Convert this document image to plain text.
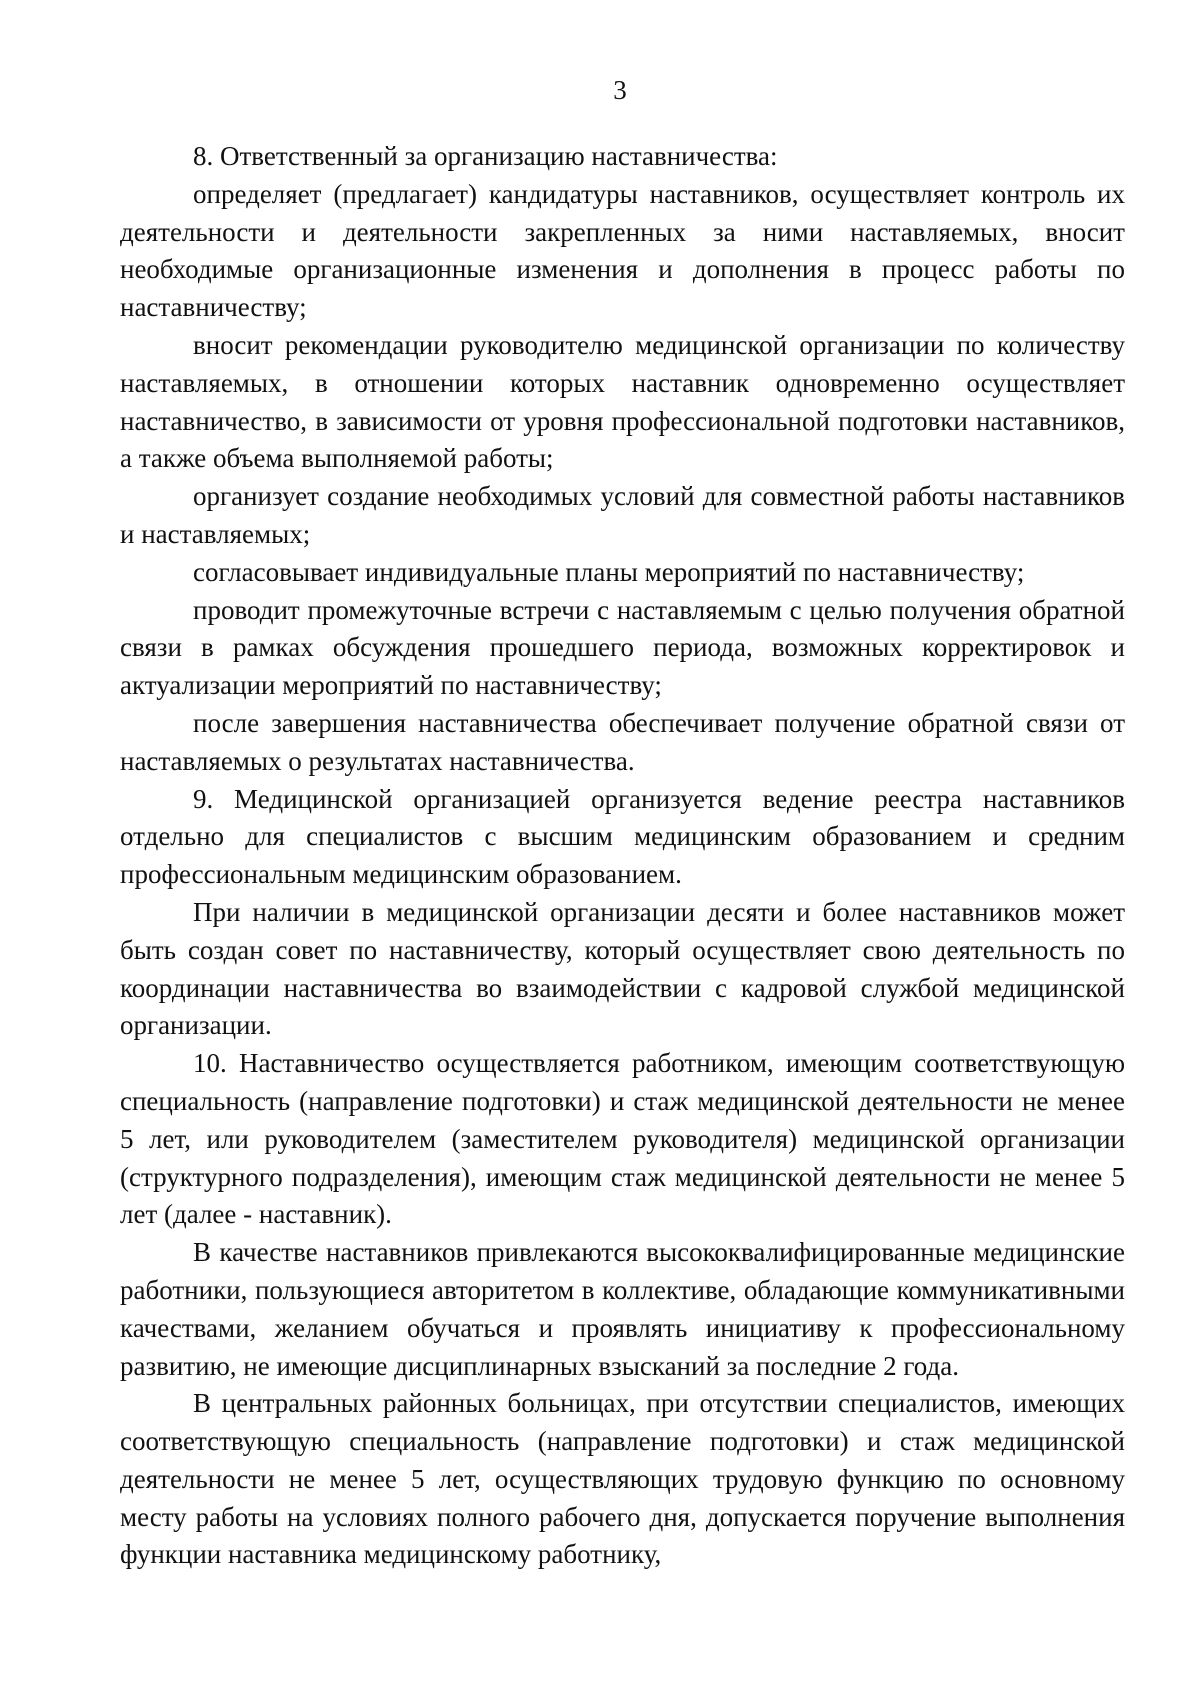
3

8. Ответственный за организацию наставничества:

определяет (предлагает) кандидатуры наставников, осуществляет контроль их деятельности и деятельности закрепленных за ними наставляемых, вносит необходимые организационные изменения и дополнения в процесс работы по наставничеству;

вносит рекомендации руководителю медицинской организации по количеству наставляемых, в отношении которых наставник одновременно осуществляет наставничество, в зависимости от уровня профессиональной подготовки наставников, а также объема выполняемой работы;

организует создание необходимых условий для совместной работы наставников и наставляемых;

согласовывает индивидуальные планы мероприятий по наставничеству;

проводит промежуточные встречи с наставляемым с целью получения обратной связи в рамках обсуждения прошедшего периода, возможных корректировок и актуализации мероприятий по наставничеству;

после завершения наставничества обеспечивает получение обратной связи от наставляемых о результатах наставничества.

9. Медицинской организацией организуется ведение реестра наставников отдельно для специалистов с высшим медицинским образованием и средним профессиональным медицинским образованием.

При наличии в медицинской организации десяти и более наставников может быть создан совет по наставничеству, который осуществляет свою деятельность по координации наставничества во взаимодействии с кадровой службой медицинской организации.

10. Наставничество осуществляется работником, имеющим соответствующую специальность (направление подготовки) и стаж медицинской деятельности не менее 5 лет, или руководителем (заместителем руководителя) медицинской организации (структурного подразделения), имеющим стаж медицинской деятельности не менее 5 лет (далее - наставник).

В качестве наставников привлекаются высококвалифицированные медицинские работники, пользующиеся авторитетом в коллективе, обладающие коммуникативными качествами, желанием обучаться и проявлять инициативу к профессиональному развитию, не имеющие дисциплинарных взысканий за последние 2 года.

В центральных районных больницах, при отсутствии специалистов, имеющих соответствующую специальность (направление подготовки) и стаж медицинской деятельности не менее 5 лет, осуществляющих трудовую функцию по основному месту работы на условиях полного рабочего дня, допускается поручение выполнения функции наставника медицинскому работнику,
